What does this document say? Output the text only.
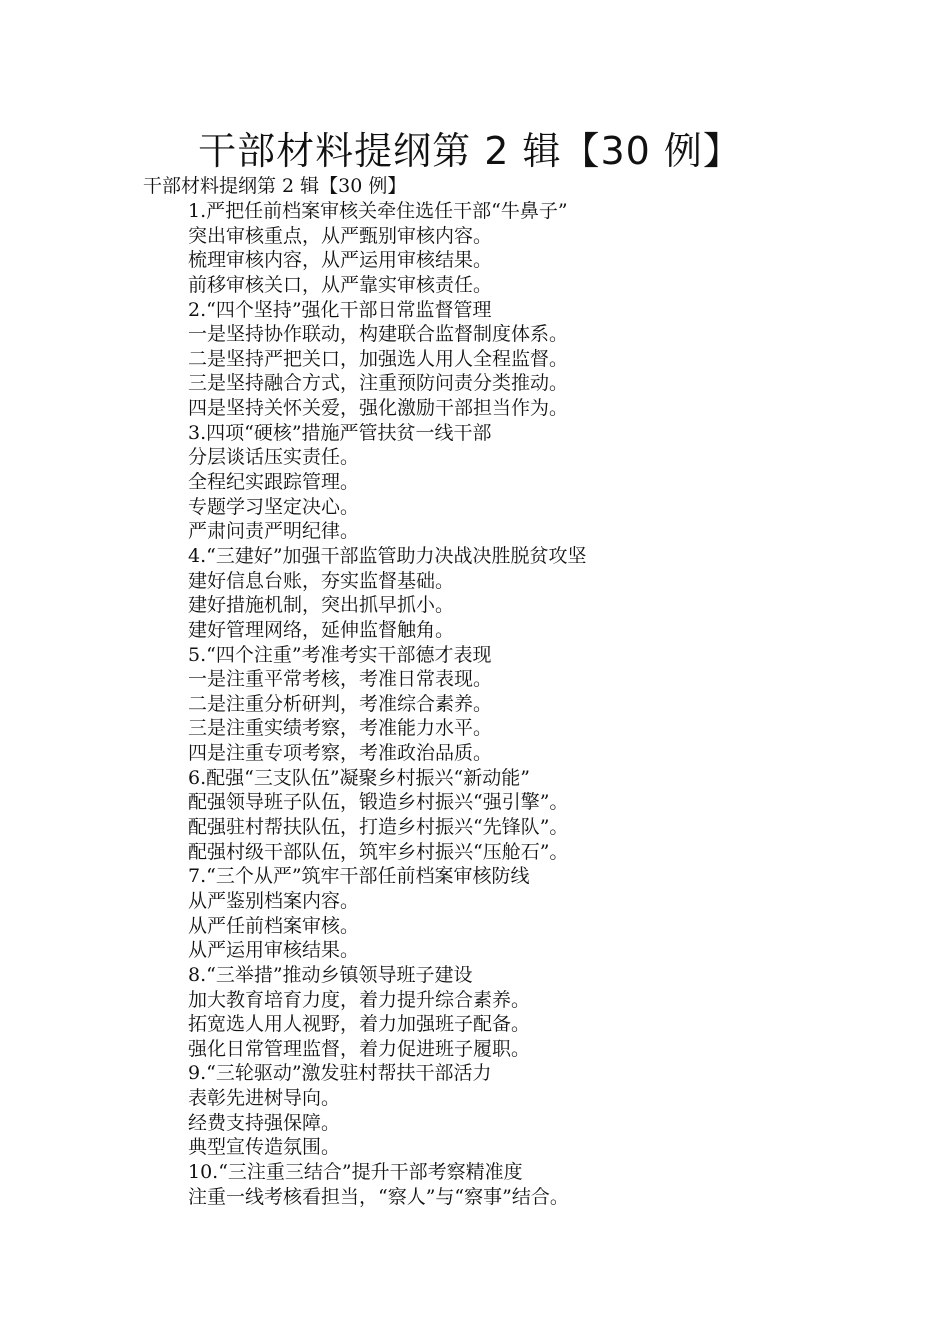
干部材料提纲第 2 辑【30 例】

干部材料提纲第 2 辑【30 例】

1.严把任前档案审核关牵住选任干部“牛鼻子”
突出审核重点，从严甄别审核内容。
梳理审核内容，从严运用审核结果。
前移审核关口，从严靠实审核责任。
2.“四个坚持”强化干部日常监督管理
一是坚持协作联动，构建联合监督制度体系。
二是坚持严把关口，加强选人用人全程监督。
三是坚持融合方式，注重预防问责分类推动。
四是坚持关怀关爱，强化激励干部担当作为。
3.四项“硬核”措施严管扶贫一线干部
分层谈话压实责任。
全程纪实跟踪管理。
专题学习坚定决心。
严肃问责严明纪律。
4.“三建好”加强干部监管助力决战决胜脱贫攻坚
建好信息台账，夯实监督基础。
建好措施机制，突出抓早抓小。
建好管理网络，延伸监督触角。
5.“四个注重”考准考实干部德才表现
一是注重平常考核，考准日常表现。
二是注重分析研判，考准综合素养。
三是注重实绩考察，考准能力水平。
四是注重专项考察，考准政治品质。
6.配强“三支队伍”凝聚乡村振兴“新动能”
配强领导班子队伍，锻造乡村振兴“强引擎”。
配强驻村帮扶队伍，打造乡村振兴“先锋队”。
配强村级干部队伍，筑牢乡村振兴“压舱石”。
7.“三个从严”筑牢干部任前档案审核防线
从严鉴别档案内容。
从严任前档案审核。
从严运用审核结果。
8.“三举措”推动乡镇领导班子建设
加大教育培育力度，着力提升综合素养。
拓宽选人用人视野，着力加强班子配备。
强化日常管理监督，着力促进班子履职。
9.“三轮驱动”激发驻村帮扶干部活力
表彰先进树导向。
经费支持强保障。
典型宣传造氛围。
10.“三注重三结合”提升干部考察精准度
注重一线考核看担当，“察人”与“察事”结合。
